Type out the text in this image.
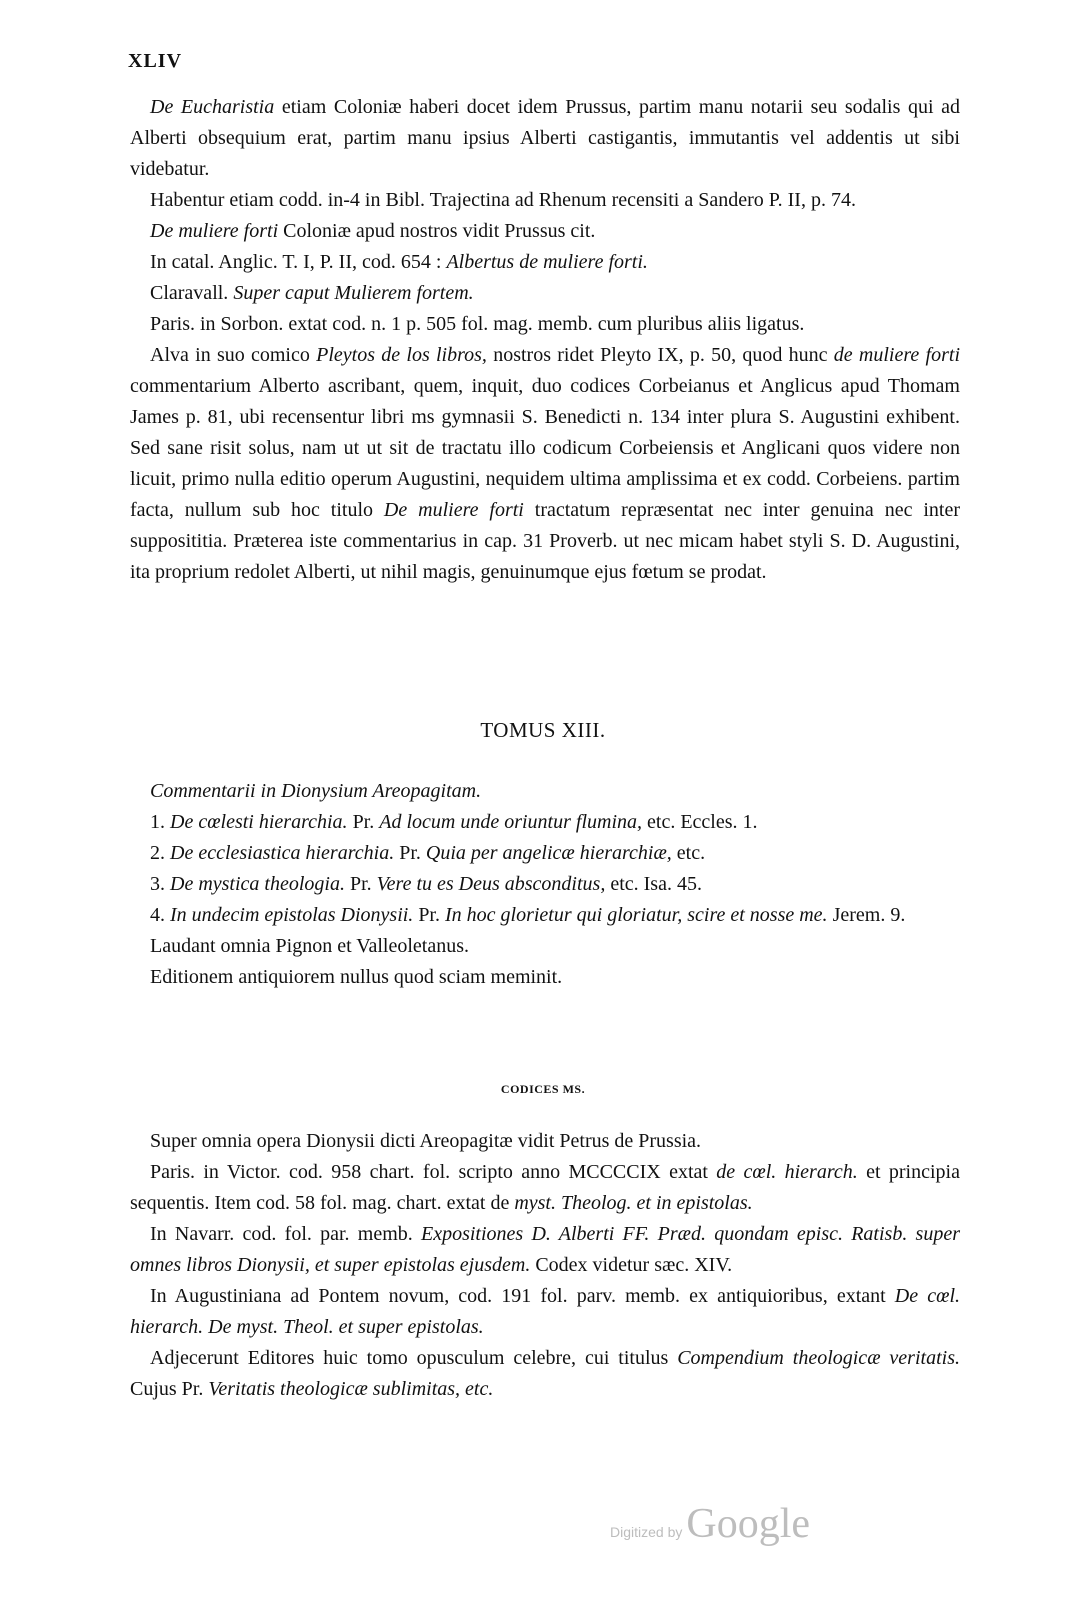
XLIV

De Eucharistia etiam Coloniæ haberi docet idem Prussus, partim manu notarii seu sodalis qui ad Alberti obsequium erat, partim manu ipsius Alberti castigantis, immutantis vel addentis ut sibi videbatur.

Habentur etiam codd. in-4 in Bibl. Trajectina ad Rhenum recensiti a Sandero P. II, p. 74.

De muliere forti Coloniæ apud nostros vidit Prussus cit.

In catal. Anglic. T. I, P. II, cod. 654 : Albertus de muliere forti.

Claravall. Super caput Mulierem fortem.

Paris. in Sorbon. extat cod. n. 1 p. 505 fol. mag. memb. cum pluribus aliis ligatus.

Alva in suo comico Pleytos de los libros, nostros ridet Pleyto IX, p. 50, quod hunc de muliere forti commentarium Alberto ascribant, quem, inquit, duo codices Corbeianus et Anglicus apud Thomam James p. 81, ubi recensentur libri ms gymnasii S. Benedicti n. 134 inter plura S. Augustini exhibent. Sed sane risit solus, nam ut ut sit de tractatu illo codicum Corbeiensis et Anglicani quos videre non licuit, primo nulla editio operum Augustini, nequidem ultima amplissima et ex codd. Corbeiens. partim facta, nullum sub hoc titulo De muliere forti tractatum repræsentat nec inter genuina nec inter supposititia. Præterea iste commentarius in cap. 31 Proverb. ut nec micam habet styli S. D. Augustini, ita proprium redolet Alberti, ut nihil magis, genuinumque ejus fœtum se prodat.

TOMUS XIII.

Commentarii in Dionysium Areopagitam.

1. De cœlesti hierarchia. Pr. Ad locum unde oriuntur flumina, etc. Eccles. 1.

2. De ecclesiastica hierarchia. Pr. Quia per angelicæ hierarchiæ, etc.

3. De mystica theologia. Pr. Vere tu es Deus absconditus, etc. Isa. 45.

4. In undecim epistolas Dionysii. Pr. In hoc glorietur qui gloriatur, scire et nosse me. Jerem. 9.

Laudant omnia Pignon et Valleoletanus.

Editionem antiquiorem nullus quod sciam meminit.

CODICES MS.

Super omnia opera Dionysii dicti Areopagitæ vidit Petrus de Prussia.

Paris. in Victor. cod. 958 chart. fol. scripto anno MCCCCIX extat de cœl. hierarch. et principia sequentis. Item cod. 58 fol. mag. chart. extat de myst. Theolog. et in epistolas.

In Navarr. cod. fol. par. memb. Expositiones D. Alberti FF. Præd. quondam episc. Ratisb. super omnes libros Dionysii, et super epistolas ejusdem. Codex videtur sæc. XIV.

In Augustiniana ad Pontem novum, cod. 191 fol. parv. memb. ex antiquioribus, extant De cœl. hierarch. De myst. Theol. et super epistolas.

Adjecerunt Editores huic tomo opusculum celebre, cui titulus Compendium theologicæ veritatis. Cujus Pr. Veritatis theologicæ sublimitas, etc.

Digitized by Google
